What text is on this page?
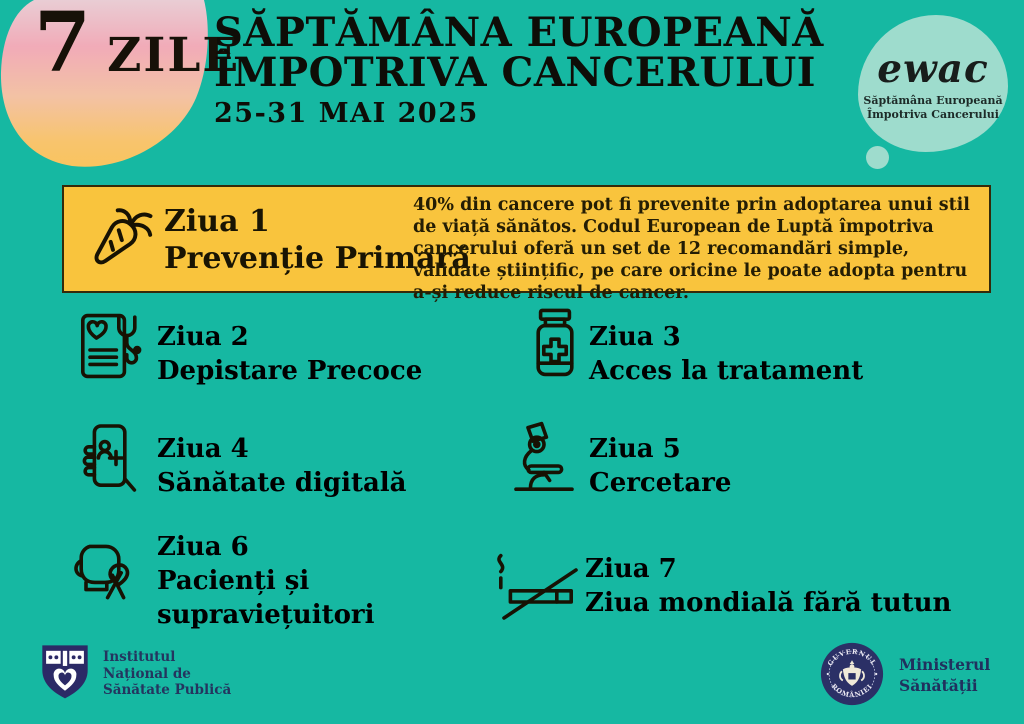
7 ZILE
SĂPTĂMÂNA EUROPEANĂ
ÎMPOTRIVA CANCERULUI
25-31 MAI 2025
ewac
Săptămâna Europeană
Împotriva Cancerului
Ziua 1
Prevenție Primară
40% din cancere pot fi prevenite prin adoptarea unui stil de viață sănătos. Codul European de Luptă împotriva cancerului oferă un set de 12 recomandări simple, validate științific, pe care oricine le poate adopta pentru a-și reduce riscul de cancer.
Ziua 2
Depistare Precoce
Ziua 3
Acces la tratament
Ziua 4
Sănătate digitală
Ziua 5
Cercetare
Ziua 6
Pacienți și supraviețuitori
Ziua 7
Ziua mondială fără tutun
Institutul
Național de
Sănătate Publică
GUVERNUL
ROMÂNIEI
Ministerul
Sănătății
